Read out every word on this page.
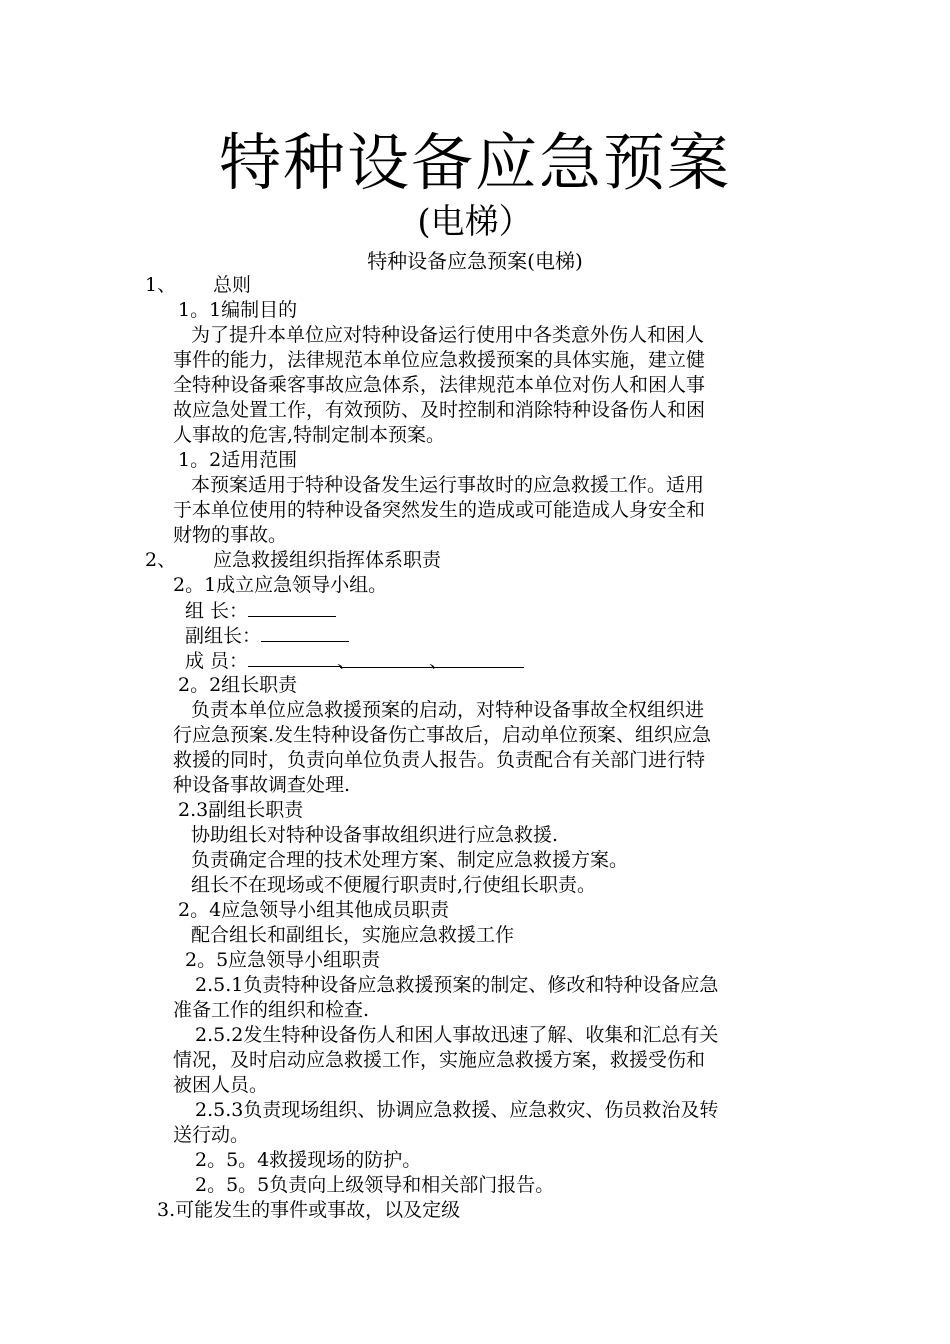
特种设备应急预案
(电梯）
特种设备应急预案(电梯)
1、 总则
1。1编制目的
为了提升本单位应对特种设备运行使用中各类意外伤人和困人
事件的能力，法律规范本单位应急救援预案的具体实施，建立健
全特种设备乘客事故应急体系，法律规范本单位对伤人和困人事
故应急处置工作，有效预防、及时控制和消除特种设备伤人和困
人事故的危害,特制定制本预案。
1。2适用范围
本预案适用于特种设备发生运行事故时的应急救援工作。适用
于本单位使用的特种设备突然发生的造成或可能造成人身安全和
财物的事故。
2、 应急救援组织指挥体系职责
2。1成立应急领导小组。
组 长：
副组长：
成 员：	、	、
2。2组长职责
负责本单位应急救援预案的启动，对特种设备事故全权组织进
行应急预案.发生特种设备伤亡事故后，启动单位预案、组织应急
救援的同时，负责向单位负责人报告。负责配合有关部门进行特
种设备事故调查处理.
2.3副组长职责
协助组长对特种设备事故组织进行应急救援.
负责确定合理的技术处理方案、制定应急救援方案。
组长不在现场或不便履行职责时,行使组长职责。
2。4应急领导小组其他成员职责
配合组长和副组长，实施应急救援工作
2。5应急领导小组职责
2.5.1负责特种设备应急救援预案的制定、修改和特种设备应急
准备工作的组织和检查.
2.5.2发生特种设备伤人和困人事故迅速了解、收集和汇总有关
情况，及时启动应急救援工作，实施应急救援方案，救援受伤和
被困人员。
2.5.3负责现场组织、协调应急救援、应急救灾、伤员救治及转
送行动。
2。5。4救援现场的防护。
2。5。5负责向上级领导和相关部门报告。
3.可能发生的事件或事故，以及定级
